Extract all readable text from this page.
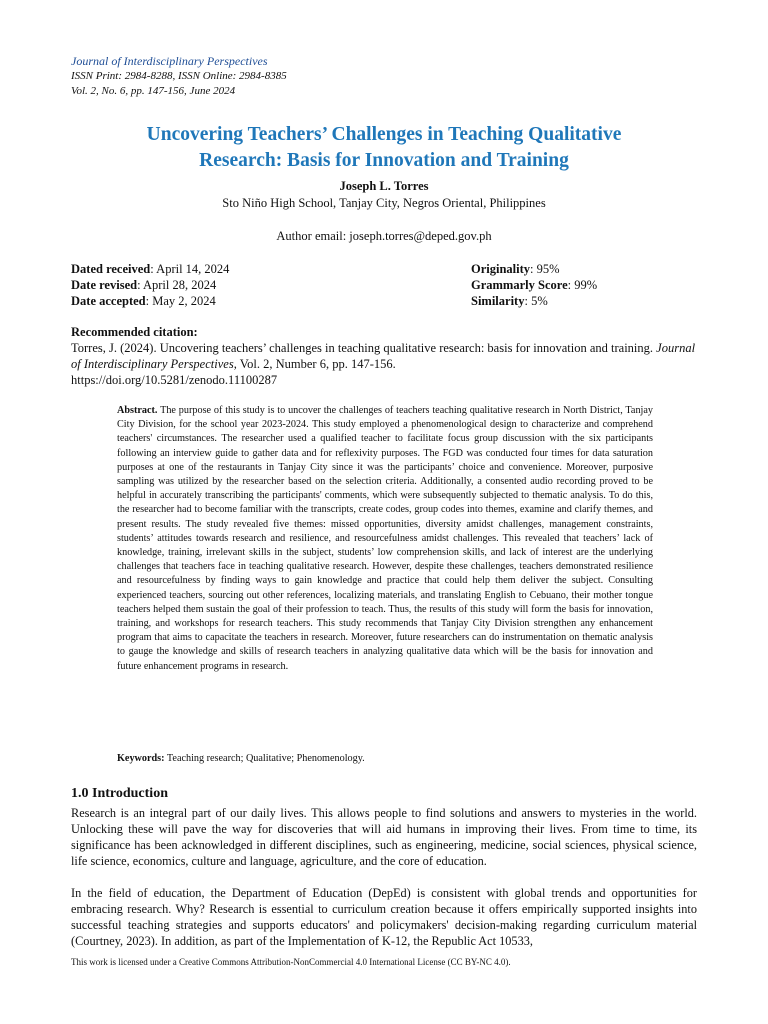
Journal of Interdisciplinary Perspectives
ISSN Print: 2984-8288, ISSN Online: 2984-8385
Vol. 2, No. 6, pp. 147-156, June 2024
Uncovering Teachers’ Challenges in Teaching Qualitative
Research: Basis for Innovation and Training
Joseph L. Torres
Sto Niño High School, Tanjay City, Negros Oriental, Philippines
Author email: joseph.torres@deped.gov.ph
Dated received: April 14, 2024
Date revised: April 28, 2024
Date accepted: May 2, 2024
Originality: 95%
Grammarly Score: 99%
Similarity: 5%
Recommended citation:
Torres, J. (2024). Uncovering teachers’ challenges in teaching qualitative research: basis for innovation and training. Journal of Interdisciplinary Perspectives, Vol. 2, Number 6, pp. 147-156.
https://doi.org/10.5281/zenodo.11100287
Abstract. The purpose of this study is to uncover the challenges of teachers teaching qualitative research in North District, Tanjay City Division, for the school year 2023-2024. This study employed a phenomenological design to characterize and comprehend teachers' circumstances. The researcher used a qualified teacher to facilitate focus group discussion with the six participants following an interview guide to gather data and for reflexivity purposes. The FGD was conducted four times for data saturation purposes at one of the restaurants in Tanjay City since it was the participants’ choice and convenience. Moreover, purposive sampling was utilized by the researcher based on the selection criteria. Additionally, a consented audio recording proved to be helpful in accurately transcribing the participants' comments, which were subsequently subjected to thematic analysis. To do this, the researcher had to become familiar with the transcripts, create codes, group codes into themes, examine and clarify themes, and present results. The study revealed five themes: missed opportunities, diversity amidst challenges, management constraints, students’ attitudes towards research and resilience, and resourcefulness amidst challenges. This revealed that teachers’ lack of knowledge, training, irrelevant skills in the subject, students’ low comprehension skills, and lack of interest are the underlying challenges that teachers face in teaching qualitative research. However, despite these challenges, teachers demonstrated resilience and resourcefulness by finding ways to gain knowledge and practice that could help them deliver the subject. Consulting experienced teachers, sourcing out other references, localizing materials, and translating English to Cebuano, their mother tongue teachers helped them sustain the goal of their profession to teach. Thus, the results of this study will form the basis for innovation, training, and workshops for research teachers. This study recommends that Tanjay City Division strengthen any enhancement program that aims to capacitate the teachers in research. Moreover, future researchers can do instrumentation on thematic analysis to gauge the knowledge and skills of research teachers in analyzing qualitative data which will be the basis for innovation and future enhancement programs in research.
Keywords: Teaching research; Qualitative; Phenomenology.
1.0 Introduction
Research is an integral part of our daily lives. This allows people to find solutions and answers to mysteries in the world. Unlocking these will pave the way for discoveries that will aid humans in improving their lives. From time to time, its significance has been acknowledged in different disciplines, such as engineering, medicine, social sciences, physical science, life science, economics, culture and language, agriculture, and the core of education.
In the field of education, the Department of Education (DepEd) is consistent with global trends and opportunities for embracing research. Why? Research is essential to curriculum creation because it offers empirically supported insights into successful teaching strategies and supports educators' and policymakers' decision-making regarding curriculum material (Courtney, 2023). In addition, as part of the Implementation of K-12, the Republic Act 10533,
This work is licensed under a Creative Commons Attribution-NonCommercial 4.0 International License (CC BY-NC 4.0).
